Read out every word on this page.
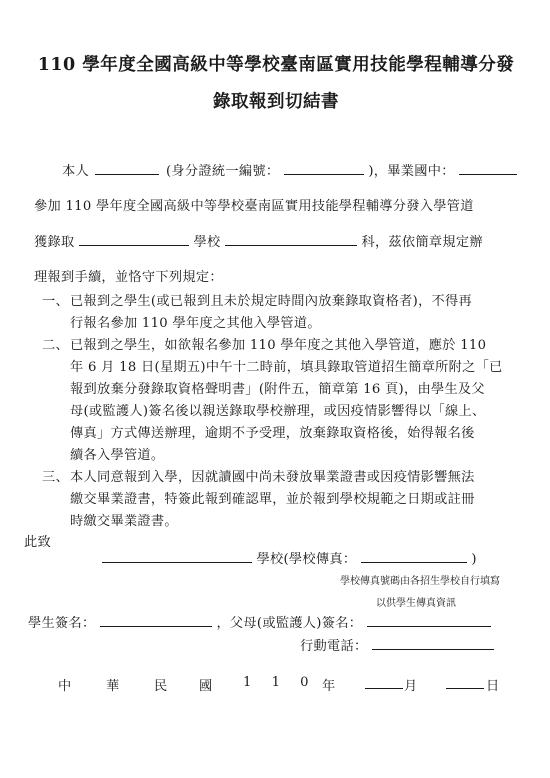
110 學年度全國高級中等學校臺南區實用技能學程輔導分發
錄取報到切結書
本人	(身分證統一編號：	)，畢業國中：
參加 110 學年度全國高級中等學校臺南區實用技能學程輔導分發入學管道
獲錄取	學校	科，茲依簡章規定辦
理報到手續，並恪守下列規定：
一、 已報到之學生(或已報到且未於規定時間內放棄錄取資格者)，不得再
行報名參加 110 學年度之其他入學管道。
二、 已報到之學生，如欲報名參加 110 學年度之其他入學管道，應於 110
年 6 月 18 日(星期五)中午十二時前，填具錄取管道招生簡章所附之「已
報到放棄分發錄取資格聲明書」(附件五，簡章第 16 頁)，由學生及父
母(或監護人)簽名後以親送錄取學校辦理，或因疫情影響得以「線上、
傳真」方式傳送辦理，逾期不予受理，放棄錄取資格後，始得報名後
續各入學管道。
三、 本人同意報到入學，因就讀國中尚未發放畢業證書或因疫情影響無法
繳交畢業證書，特簽此報到確認單，並於報到學校規範之日期或註冊
時繳交畢業證書。
此致
學校(學校傳真：	)
學校傳真號碼由各招生學校自行填寫
以供學生傳真資訊
學生簽名：	，父母(或監護人)簽名：
行動電話：
中	華	民 國 1 1 0 年	月	日
